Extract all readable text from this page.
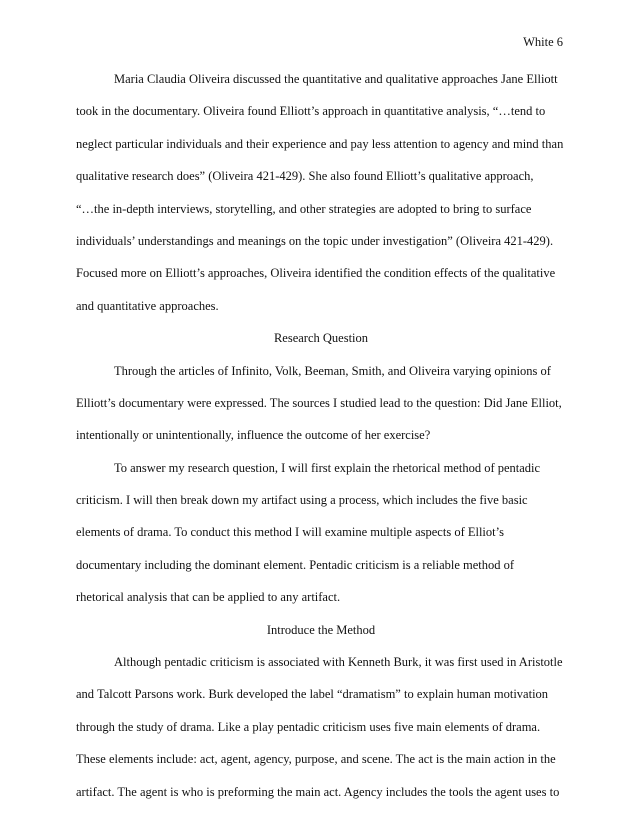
White 6
Maria Claudia Oliveira discussed the quantitative and qualitative approaches Jane Elliott
took in the documentary. Oliveira found Elliott’s approach in quantitative analysis, “…tend to
neglect particular individuals and their experience and pay less attention to agency and mind than
qualitative research does” (Oliveira 421-429). She also found Elliott’s qualitative approach,
“…the in-depth interviews, storytelling, and other strategies are adopted to bring to surface
individuals’ understandings and meanings on the topic under investigation” (Oliveira 421-429).
Focused more on Elliott’s approaches, Oliveira identified the condition effects of the qualitative
and quantitative approaches.
Research Question
Through the articles of Infinito, Volk, Beeman, Smith, and Oliveira varying opinions of
Elliott’s documentary were expressed. The sources I studied lead to the question: Did Jane Elliot,
intentionally or unintentionally, influence the outcome of her exercise?
To answer my research question, I will first explain the rhetorical method of pentadic
criticism. I will then break down my artifact using a process, which includes the five basic
elements of drama. To conduct this method I will examine multiple aspects of Elliot’s
documentary including the dominant element. Pentadic criticism is a reliable method of
rhetorical analysis that can be applied to any artifact.
Introduce the Method
Although pentadic criticism is associated with Kenneth Burk, it was first used in Aristotle
and Talcott Parsons work. Burk developed the label “dramatism” to explain human motivation
through the study of drama. Like a play pentadic criticism uses five main elements of drama.
These elements include: act, agent, agency, purpose, and scene. The act is the main action in the
artifact. The agent is who is preforming the main act. Agency includes the tools the agent uses to
